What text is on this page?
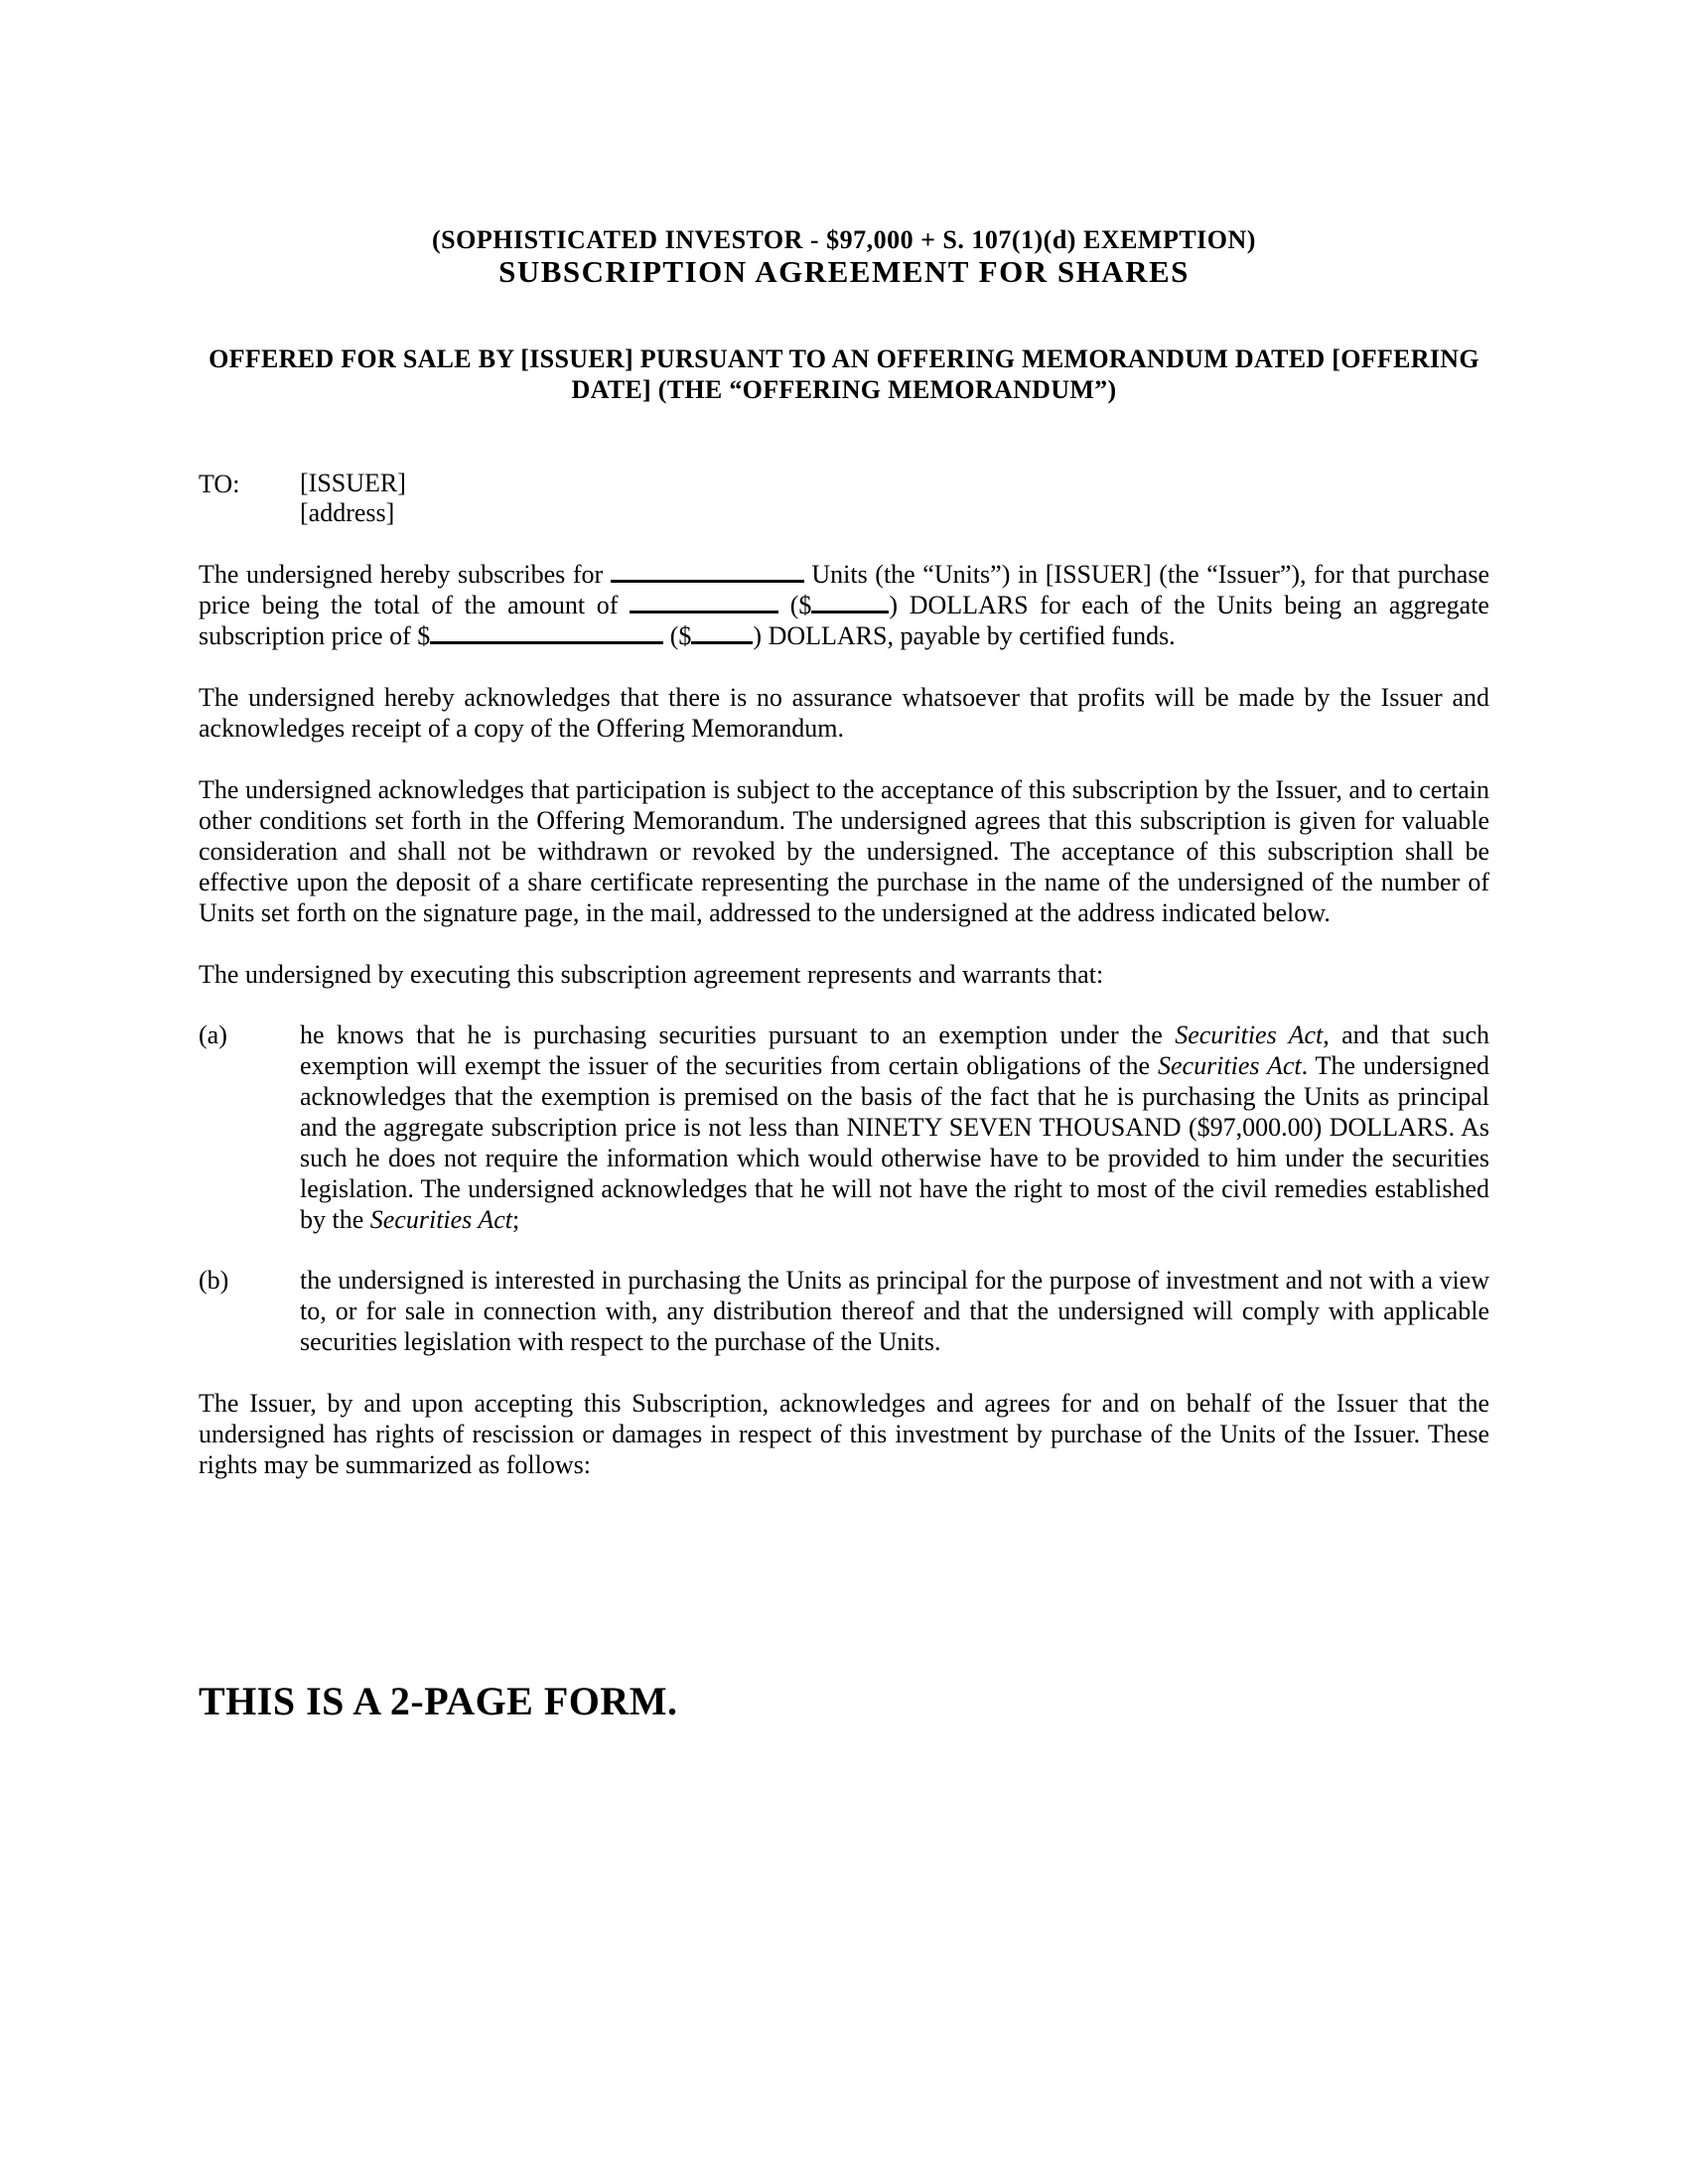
(SOPHISTICATED INVESTOR - $97,000 + S. 107(1)(d) EXEMPTION)
SUBSCRIPTION AGREEMENT FOR SHARES
OFFERED FOR SALE BY [ISSUER] PURSUANT TO AN OFFERING MEMORANDUM DATED [OFFERING DATE] (THE “OFFERING MEMORANDUM”)
TO:	[ISSUER]
[address]

The undersigned hereby subscribes for	Units (the “Units”) in [ISSUER] (the “Issuer”), for that purchase price being the total of the amount of	($	) DOLLARS for each of the Units being an aggregate subscription price of $	($ ) DOLLARS, payable by certified funds.

The undersigned hereby acknowledges that there is no assurance whatsoever that profits will be made by the Issuer and acknowledges receipt of a copy of the Offering Memorandum.

The undersigned acknowledges that participation is subject to the acceptance of this subscription by the Issuer, and to certain other conditions set forth in the Offering Memorandum. The undersigned agrees that this subscription is given for valuable consideration and shall not be withdrawn or revoked by the undersigned. The acceptance of this subscription shall be effective upon the deposit of a share certificate representing the purchase in the name of the undersigned of the number of Units set forth on the signature page, in the mail, addressed to the undersigned at the address indicated below.

The undersigned by executing this subscription agreement represents and warrants that:

(a)	he knows that he is purchasing securities pursuant to an exemption under the Securities Act, and that such exemption will exempt the issuer of the securities from certain obligations of the Securities Act. The undersigned acknowledges that the exemption is premised on the basis of the fact that he is purchasing the Units as principal and the aggregate subscription price is not less than NINETY SEVEN THOUSAND ($97,000.00) DOLLARS. As such he does not require the information which would otherwise have to be provided to him under the securities legislation. The undersigned acknowledges that he will not have the right to most of the civil remedies established by the Securities Act;
(b)	the undersigned is interested in purchasing the Units as principal for the purpose of investment and not with a view to, or for sale in connection with, any distribution thereof and that the undersigned will comply with applicable securities legislation with respect to the purchase of the Units.

The Issuer, by and upon accepting this Subscription, acknowledges and agrees for and on behalf of the Issuer that the undersigned has rights of rescission or damages in respect of this investment by purchase of the Units of the Issuer. These rights may be summarized as follows:

THIS IS A 2-PAGE FORM.
